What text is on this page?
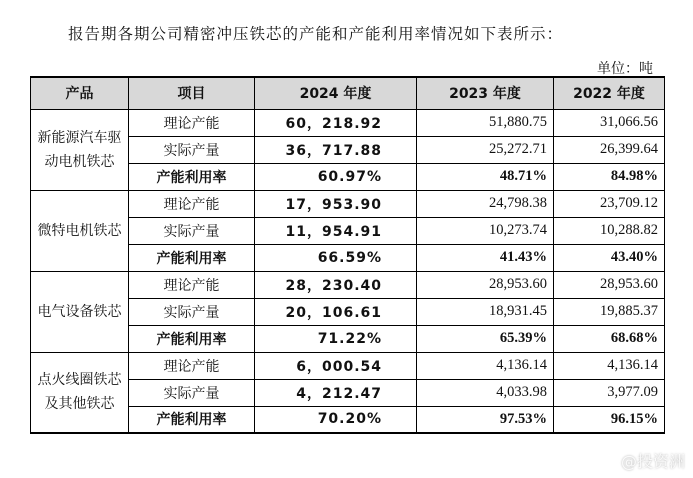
报告期各期公司精密冲压铁芯的产能和产能利用率情况如下表所示：
单位：吨
产品	项目	2024 年度	2023 年度	2022 年度
新能源汽车驱动电机铁芯	理论产能	60，218.92	51,880.75	31,066.56
	实际产量	36，717.88	25,272.71	26,399.64
	产能利用率	60.97%	48.71%	84.98%
微特电机铁芯	理论产能	17，953.90	24,798.38	23,709.12
	实际产量	11，954.91	10,273.74	10,288.82
	产能利用率	66.59%	41.43%	43.40%
电气设备铁芯	理论产能	28，230.40	28,953.60	28,953.60
	实际产量	20，106.61	18,931.45	19,885.37
	产能利用率	71.22%	65.39%	68.68%
点火线圈铁芯及其他铁芯	理论产能	6，000.54	4,136.14	4,136.14
	实际产量	4，212.47	4,033.98	3,977.09
	产能利用率	70.20%	97.53%	96.15%
@投资洲
